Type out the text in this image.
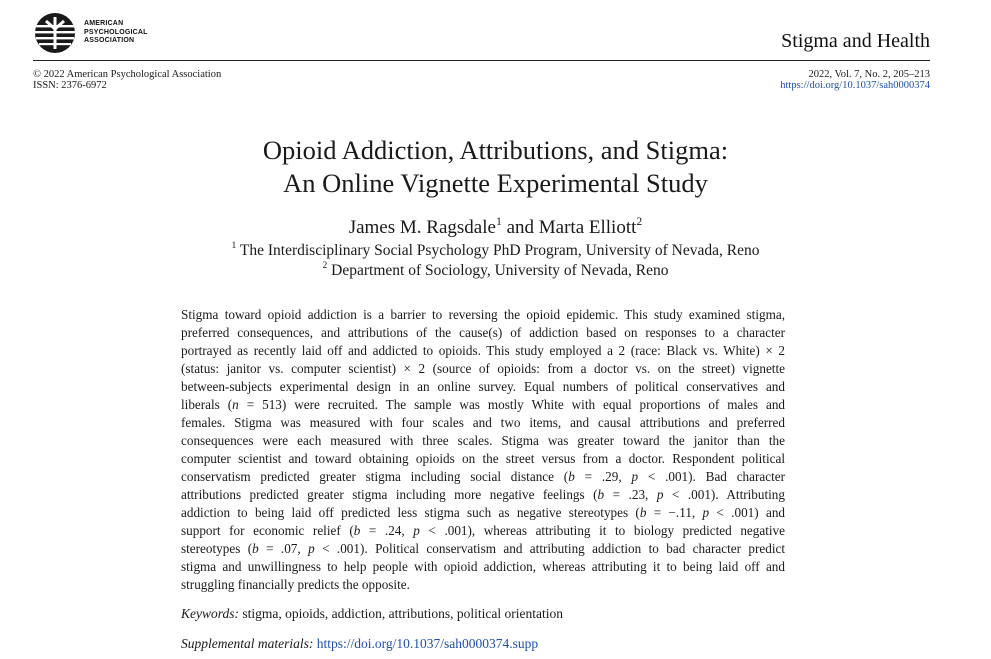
AMERICAN
PSYCHOLOGICAL
ASSOCIATION	Stigma and Health
© 2022 American Psychological Association
ISSN: 2376-6972
2022, Vol. 7, No. 2, 205–213
https://doi.org/10.1037/sah0000374
Opioid Addiction, Attributions, and Stigma:
An Online Vignette Experimental Study
James M. Ragsdale$^1$ and Marta Elliott$^2$
$^1$ The Interdisciplinary Social Psychology PhD Program, University of Nevada, Reno
$^2$ Department of Sociology, University of Nevada, Reno
Stigma toward opioid addiction is a barrier to reversing the opioid epidemic. This study examined stigma,
preferred consequences, and attributions of the cause(s) of addiction based on responses to a character
portrayed as recently laid off and addicted to opioids. This study employed a 2 (race: Black vs. White) × 2
(status: janitor vs. computer scientist) × 2 (source of opioids: from a doctor vs. on the street) vignette
between-subjects experimental design in an online survey. Equal numbers of political conservatives and
liberals (n = 513) were recruited. The sample was mostly White with equal proportions of males and
females. Stigma was measured with four scales and two items, and causal attributions and preferred
consequences were each measured with three scales. Stigma was greater toward the janitor than the
computer scientist and toward obtaining opioids on the street versus from a doctor. Respondent political
conservatism predicted greater stigma including social distance (b = .29, p < .001). Bad character
attributions predicted greater stigma including more negative feelings (b = .23, p < .001). Attributing
addiction to being laid off predicted less stigma such as negative stereotypes (b = −.11, p < .001) and
support for economic relief (b = .24, p < .001), whereas attributing it to biology predicted negative
stereotypes (b = .07, p < .001). Political conservatism and attributing addiction to bad character predict
stigma and unwillingness to help people with opioid addiction, whereas attributing it to being laid off and
struggling financially predicts the opposite.
Keywords: stigma, opioids, addiction, attributions, political orientation
Supplemental materials: https://doi.org/10.1037/sah0000374.supp
